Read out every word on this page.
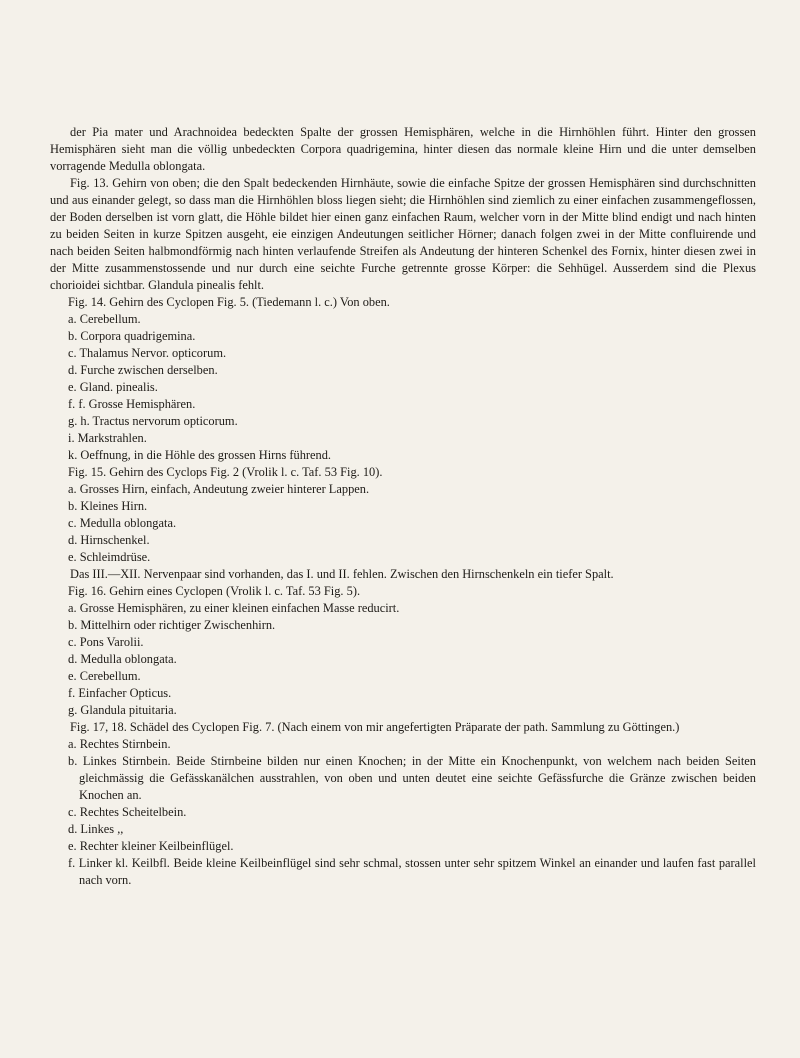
der Pia mater und Arachnoidea bedeckten Spalte der grossen Hemisphären, welche in die Hirnhöhlen führt. Hinter den grossen Hemisphären sieht man die völlig unbedeckten Corpora quadrigemina, hinter diesen das normale kleine Hirn und die unter demselben vorragende Medulla oblongata.

Fig. 13. Gehirn von oben; die den Spalt bedeckenden Hirnhäute, sowie die einfache Spitze der grossen Hemisphären sind durchschnitten und aus einander gelegt, so dass man die Hirnhöhlen bloss liegen sieht; die Hirnhöhlen sind ziemlich zu einer einfachen zusammengeflossen, der Boden derselben ist vorn glatt, die Höhle bildet hier einen ganz einfachen Raum, welcher vorn in der Mitte blind endigt und nach hinten zu beiden Seiten in kurze Spitzen ausgeht, eie einzigen Andeutungen seitlicher Hörner; danach folgen zwei in der Mitte confluirende und nach beiden Seiten halbmondförmig nach hinten verlaufende Streifen als Andeutung der hinteren Schenkel des Fornix, hinter diesen zwei in der Mitte zusammenstossende und nur durch eine seichte Furche getrennte grosse Körper: die Sehhügel. Ausserdem sind die Plexus chorioidei sichtbar. Glandula pinealis fehlt.

Fig. 14. Gehirn des Cyclopen Fig. 5. (Tiedemann l. c.) Von oben.

a. Cerebellum.

b. Corpora quadrigemina.

c. Thalamus Nervor. opticorum.

d. Furche zwischen derselben.

e. Gland. pinealis.

f. f. Grosse Hemisphären.

g. h. Tractus nervorum opticorum.

i. Markstrahlen.

k. Oeffnung, in die Höhle des grossen Hirns führend.

Fig. 15. Gehirn des Cyclops Fig. 2 (Vrolik l. c. Taf. 53 Fig. 10).

a. Grosses Hirn, einfach, Andeutung zweier hinterer Lappen.

b. Kleines Hirn.

c. Medulla oblongata.

d. Hirnschenkel.

e. Schleimdrüse.

Das III.—XII. Nervenpaar sind vorhanden, das I. und II. fehlen. Zwischen den Hirnschenkeln ein tiefer Spalt.

Fig. 16. Gehirn eines Cyclopen (Vrolik l. c. Taf. 53 Fig. 5).

a. Grosse Hemisphären, zu einer kleinen einfachen Masse reducirt.

b. Mittelhirn oder richtiger Zwischenhirn.

c. Pons Varolii.

d. Medulla oblongata.

e. Cerebellum.

f. Einfacher Opticus.

g. Glandula pituitaria.

Fig. 17, 18. Schädel des Cyclopen Fig. 7. (Nach einem von mir angefertigten Präparate der path. Sammlung zu Göttingen.)

a. Rechtes Stirnbein.

b. Linkes Stirnbein. Beide Stirnbeine bilden nur einen Knochen; in der Mitte ein Knochenpunkt, von welchem nach beiden Seiten gleichmässig die Gefässkanälchen ausstrahlen, von oben und unten deutet eine seichte Gefässfurche die Gränze zwischen beiden Knochen an.

c. Rechtes Scheitelbein.

d. Linkes ,,

e. Rechter kleiner Keilbeinflügel.

f. Linker kl. Keilbfl. Beide kleine Keilbeinflügel sind sehr schmal, stossen unter sehr spitzem Winkel an einander und laufen fast parallel nach vorn.
